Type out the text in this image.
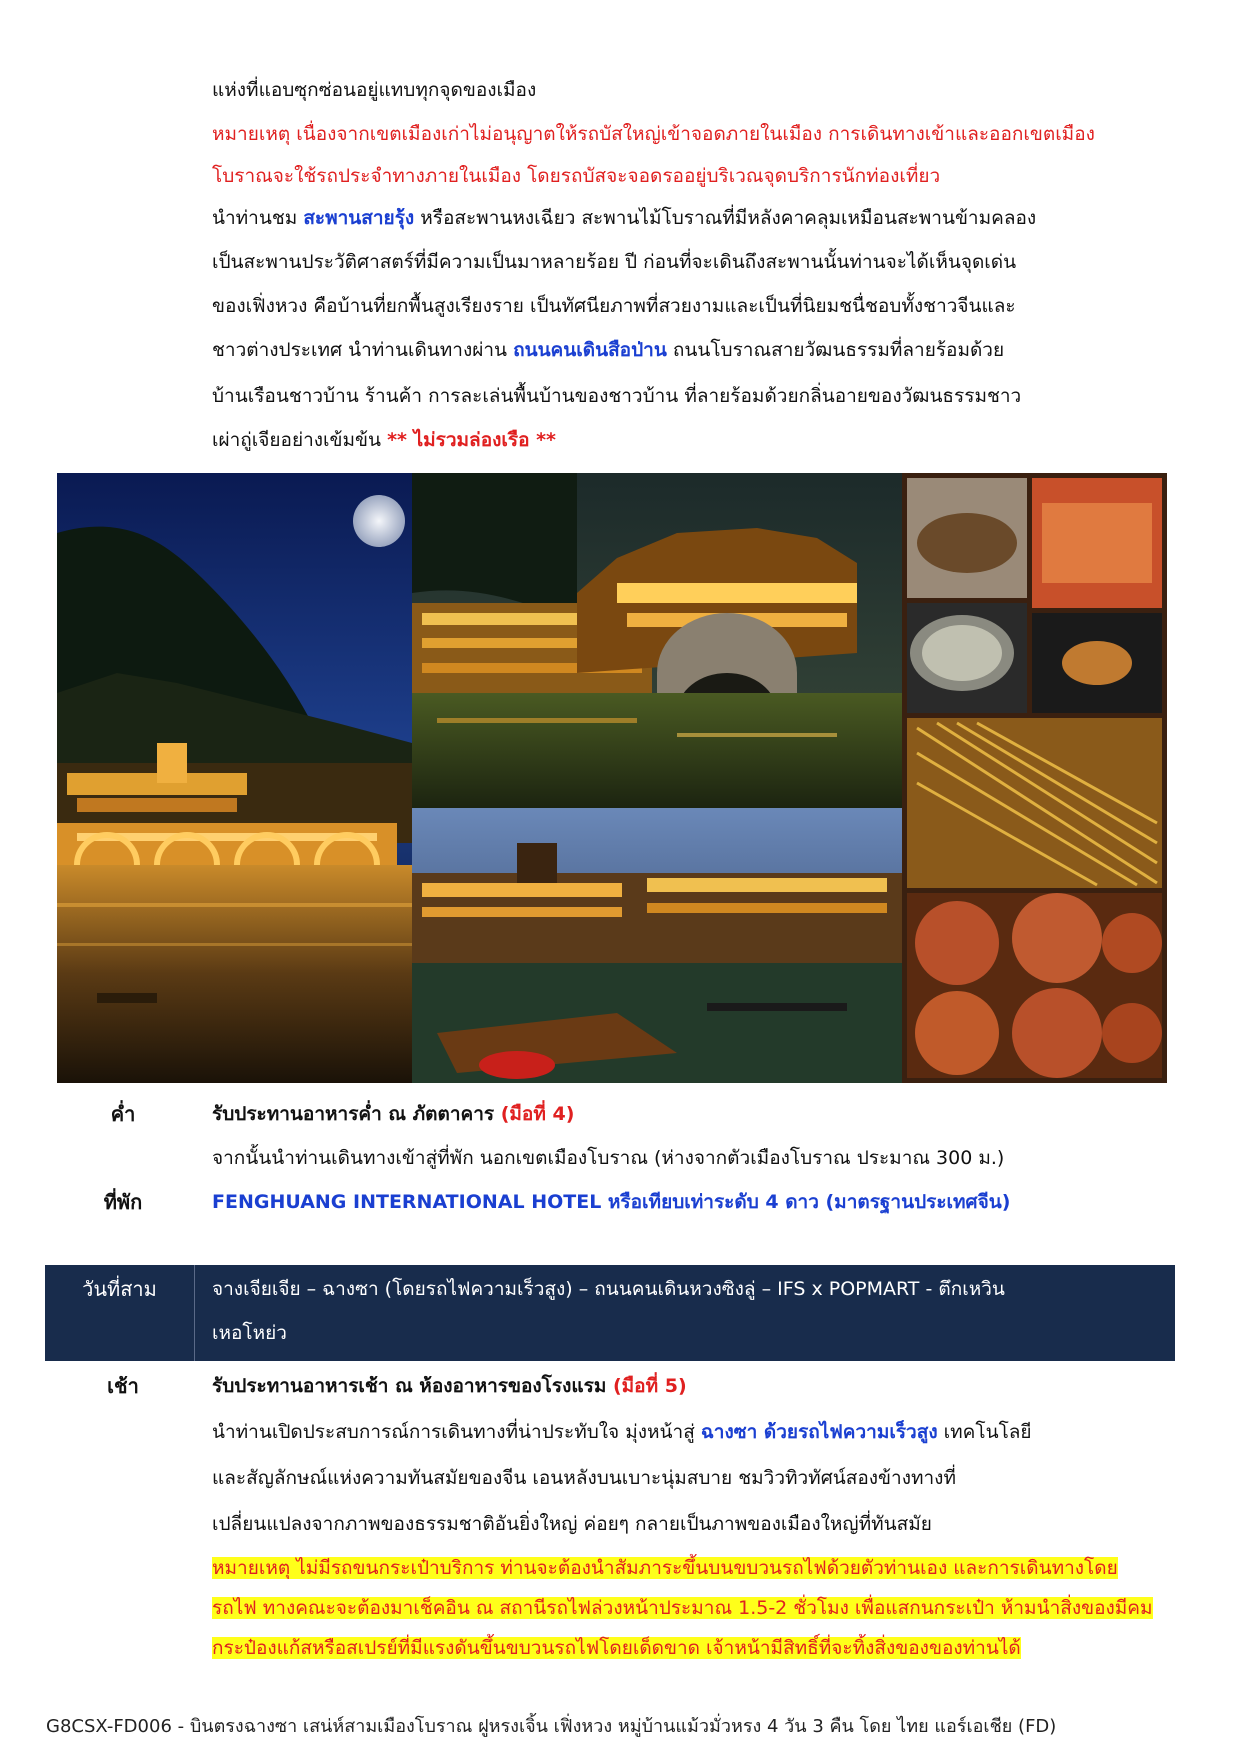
แห่งที่แอบซุกซ่อนอยู่แทบทุกจุดของเมือง
หมายเหตุ เนื่องจากเขตเมืองเก่าไม่อนุญาตให้รถบัสใหญ่เข้าจอดภายในเมือง การเดินทางเข้าและออกเขตเมือง
โบราณจะใช้รถประจำทางภายในเมือง โดยรถบัสจะจอดรออยู่บริเวณจุดบริการนักท่องเที่ยว
นำท่านชม สะพานสายรุ้ง หรือสะพานหงเฉียว สะพานไม้โบราณที่มีหลังคาคลุมเหมือนสะพานข้ามคลอง
เป็นสะพานประวัติศาสตร์ที่มีความเป็นมาหลายร้อย ปี ก่อนที่จะเดินถึงสะพานนั้นท่านจะได้เห็นจุดเด่น
ของเฟิ่งหวง คือบ้านที่ยกพื้นสูงเรียงราย เป็นทัศนียภาพที่สวยงามและเป็นที่นิยมชนื่ชอบทั้งชาวจีนและ
ชาวต่างประเทศ นำท่านเดินทางผ่าน ถนนคนเดินสือป่าน ถนนโบราณสายวัฒนธรรมที่ลายร้อมด้วย
บ้านเรือนชาวบ้าน ร้านค้า การละเล่นพื้นบ้านของชาวบ้าน ที่ลายร้อมด้วยกลิ่นอายของวัฒนธรรมชาว
เผ่าถู่เจียอย่างเข้มข้น ** ไม่รวมล่องเรือ **
ค่ำ	รับประทานอาหารค่ำ ณ ภัตตาคาร (มือที่ 4)
จากนั้นนำท่านเดินทางเข้าสู่ที่พัก นอกเขตเมืองโบราณ (ห่างจากตัวเมืองโบราณ ประมาณ 300 ม.)
ที่พัก	FENGHUANG INTERNATIONAL HOTEL หรือเทียบเท่าระดับ 4 ดาว (มาตรฐานประเทศจีน)
วันที่สาม	จางเจียเจีย – ฉางซา (โดยรถไฟความเร็วสูง) – ถนนคนเดินหวงซิงลู่ – IFS x POPMART - ตึกเหวิน
เหอโหย่ว
เช้า	รับประทานอาหารเช้า ณ ห้องอาหารของโรงแรม (มือที่ 5)
นำท่านเปิดประสบการณ์การเดินทางที่น่าประทับใจ มุ่งหน้าสู่ ฉางซา ด้วยรถไฟความเร็วสูง เทคโนโลยี
และสัญลักษณ์แห่งความทันสมัยของจีน เอนหลังบนเบาะนุ่มสบาย ชมวิวทิวทัศน์สองข้างทางที่
เปลี่ยนแปลงจากภาพของธรรมชาติอันยิ่งใหญ่ ค่อยๆ กลายเป็นภาพของเมืองใหญ่ที่ทันสมัย
หมายเหตุ ไม่มีรถขนกระเป๋าบริการ ท่านจะต้องนำสัมภาระขึ้นบนขบวนรถไฟด้วยตัวท่านเอง และการเดินทางโดย
รถไฟ ทางคณะจะต้องมาเช็คอิน ณ สถานีรถไฟล่วงหน้าประมาณ 1.5-2 ชั่วโมง เพื่อแสกนกระเป๋า ห้ามนำสิ่งของมีคม
กระป๋องแก้สหรือสเปรย์ที่มีแรงดันขึ้นขบวนรถไฟโดยเด็ดขาด เจ้าหน้ามีสิทธิ์ที่จะทิ้งสิ่งของของท่านได้
G8CSX-FD006 - บินตรงฉางซา เสน่ห์สามเมืองโบราณ ฝูหรงเจิ้น เฟิ่งหวง หมู่บ้านแม้วมั่วหรง 4 วัน 3 คืน โดย ไทย แอร์เอเชีย (FD)
